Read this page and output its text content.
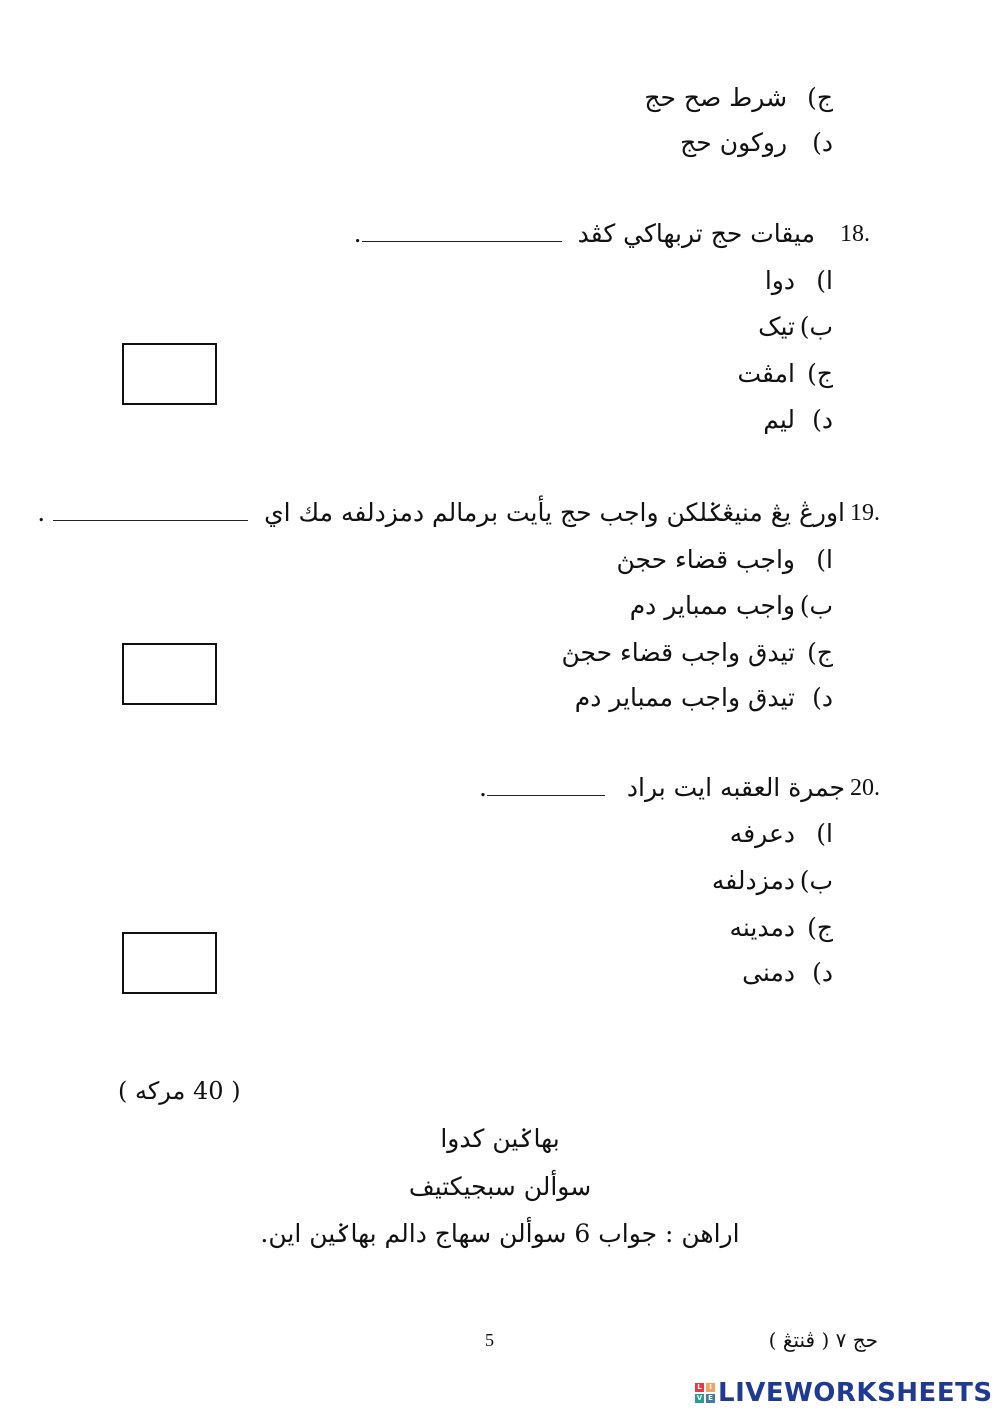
ج) شرط صح حج
د) روکون حج
18.
ميقات حج تربهاکي کڤد .
ا)دوا
ب)تيک
ج)امڤت
د)ليم
19.
اورڠ يڠ منيڠݢلکن واجب حج يأيت برمالم دمزدلفه مك اي  .
ا)واجب قضاء حجڽ
ب)واجب ممباير دم
ج)تيدق واجب قضاء حجڽ
د)تيدق واجب ممباير دم
20.
جمرة العقبه ايت براد .
ا)دعرفه
ب)دمزدلفه
ج)دمدينه
د)دمنى
( 40 مرکه )
بهاݢين کدوا
سوألن سبجيکتيف
اراهن : جواب 6 سوألن سهاج دالم بهاݢين اين.
5	حج ٧ ( ڤنتڠ )
L	I
V E LIVEWORKSHEETS
